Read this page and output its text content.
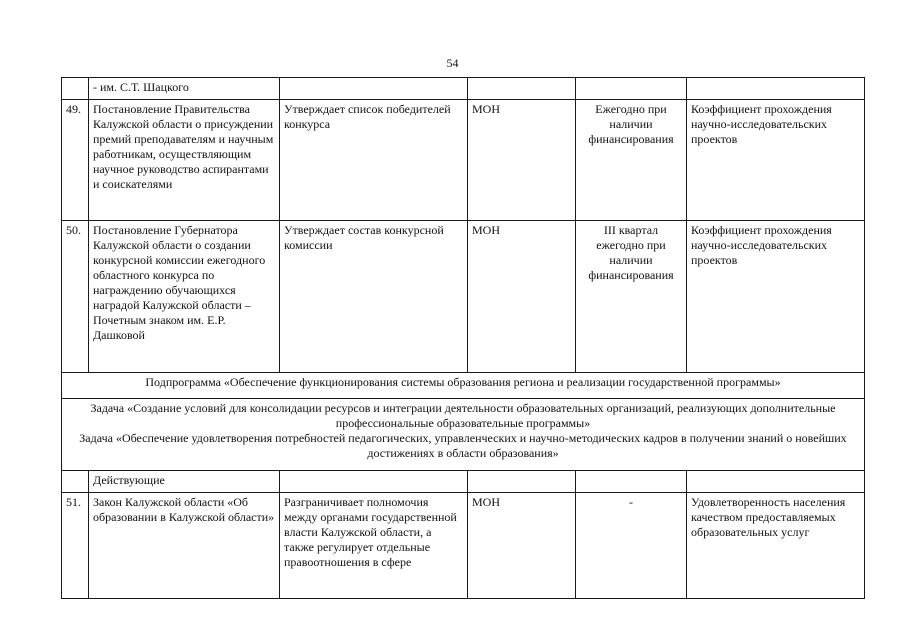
54
	- им. С.Т. Шацкого				
49.	Постановление Правительства Калужской области о присуждении премий преподавателям и научным работникам, осуществляющим научное руководство аспирантами и соискателями	Утверждает список победителей конкурса	МОН	Ежегодно при наличии финансирования	Коэффициент прохождения научно-исследовательских проектов
50.	Постановление Губернатора Калужской области о создании конкурсной комиссии ежегодного областного конкурса по награждению обучающихся наградой Калужской области – Почетным знаком им. Е.Р. Дашковой	Утверждает состав конкурсной комиссии	МОН	III квартал ежегодно при наличии финансирования	Коэффициент прохождения научно-исследовательских проектов
Подпрограмма «Обеспечение функционирования системы образования региона и реализации государственной программы»					

Задача «Создание условий для консолидации ресурсов и интеграции деятельности образовательных организаций, реализующих дополнительные профессиональные образовательные программы»
Задача «Обеспечение удовлетворения потребностей педагогических, управленческих и научно-методических кадров в получении знаний о новейших достижениях в области образования»					

	Действующие				
51.	Закон Калужской области «Об образовании в Калужской области»	Разграничивает полномочия между органами государственной власти Калужской области, а также регулирует отдельные правоотношения в сфере	МОН	-	Удовлетворенность населения качеством предоставляемых образовательных услуг
